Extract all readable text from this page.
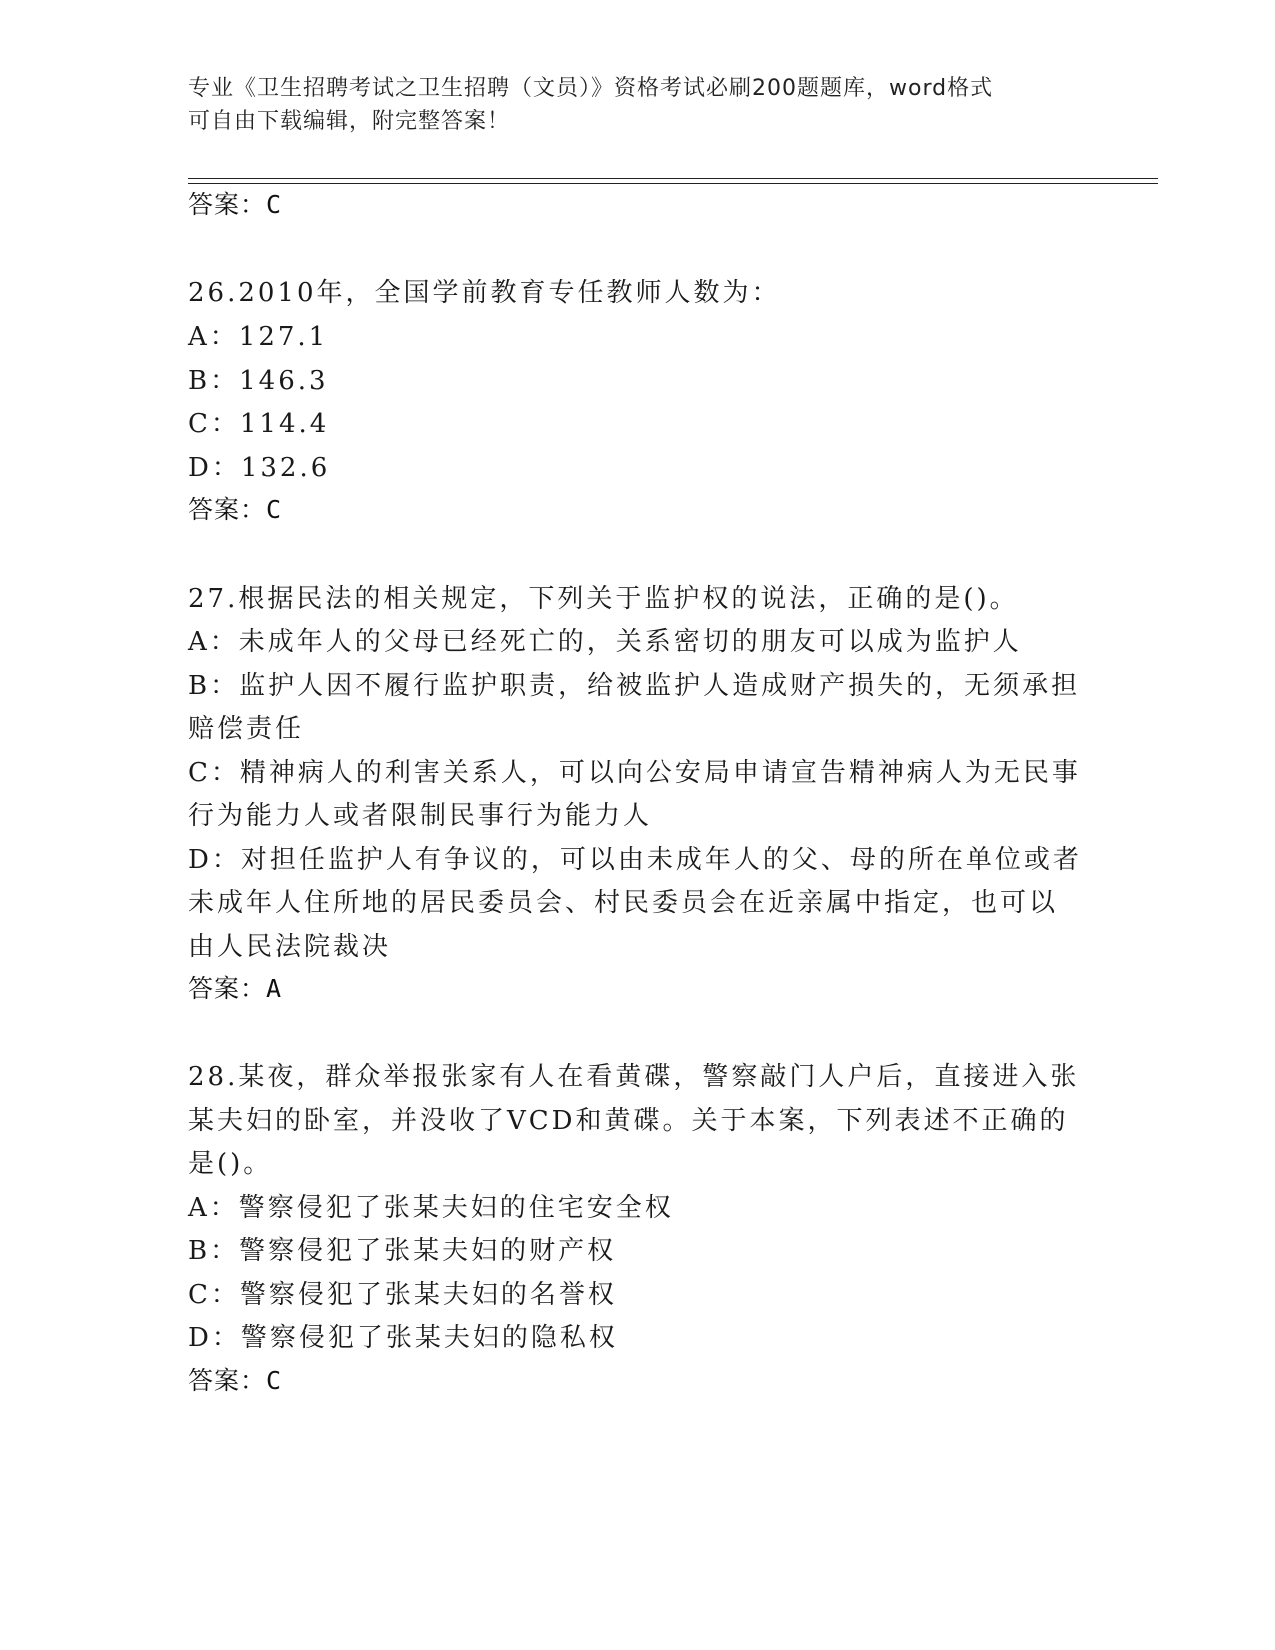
专业《卫生招聘考试之卫生招聘（文员）》资格考试必刷200题题库，word格式
可自由下载编辑，附完整答案！
答案：C
26.2010年，全国学前教育专任教师人数为：
A：127.1
B：146.3
C：114.4
D：132.6
答案：C
27.根据民法的相关规定，下列关于监护权的说法，正确的是()。
A：未成年人的父母已经死亡的，关系密切的朋友可以成为监护人
B：监护人因不履行监护职责，给被监护人造成财产损失的，无须承担
赔偿责任
C：精神病人的利害关系人，可以向公安局申请宣告精神病人为无民事
行为能力人或者限制民事行为能力人
D：对担任监护人有争议的，可以由未成年人的父、母的所在单位或者
未成年人住所地的居民委员会、村民委员会在近亲属中指定，也可以
由人民法院裁决
答案：A
28.某夜，群众举报张家有人在看黄碟，警察敲门人户后，直接进入张
某夫妇的卧室，并没收了VCD和黄碟。关于本案，下列表述不正确的
是()。
A：警察侵犯了张某夫妇的住宅安全权
B：警察侵犯了张某夫妇的财产权
C：警察侵犯了张某夫妇的名誉权
D：警察侵犯了张某夫妇的隐私权
答案：C
